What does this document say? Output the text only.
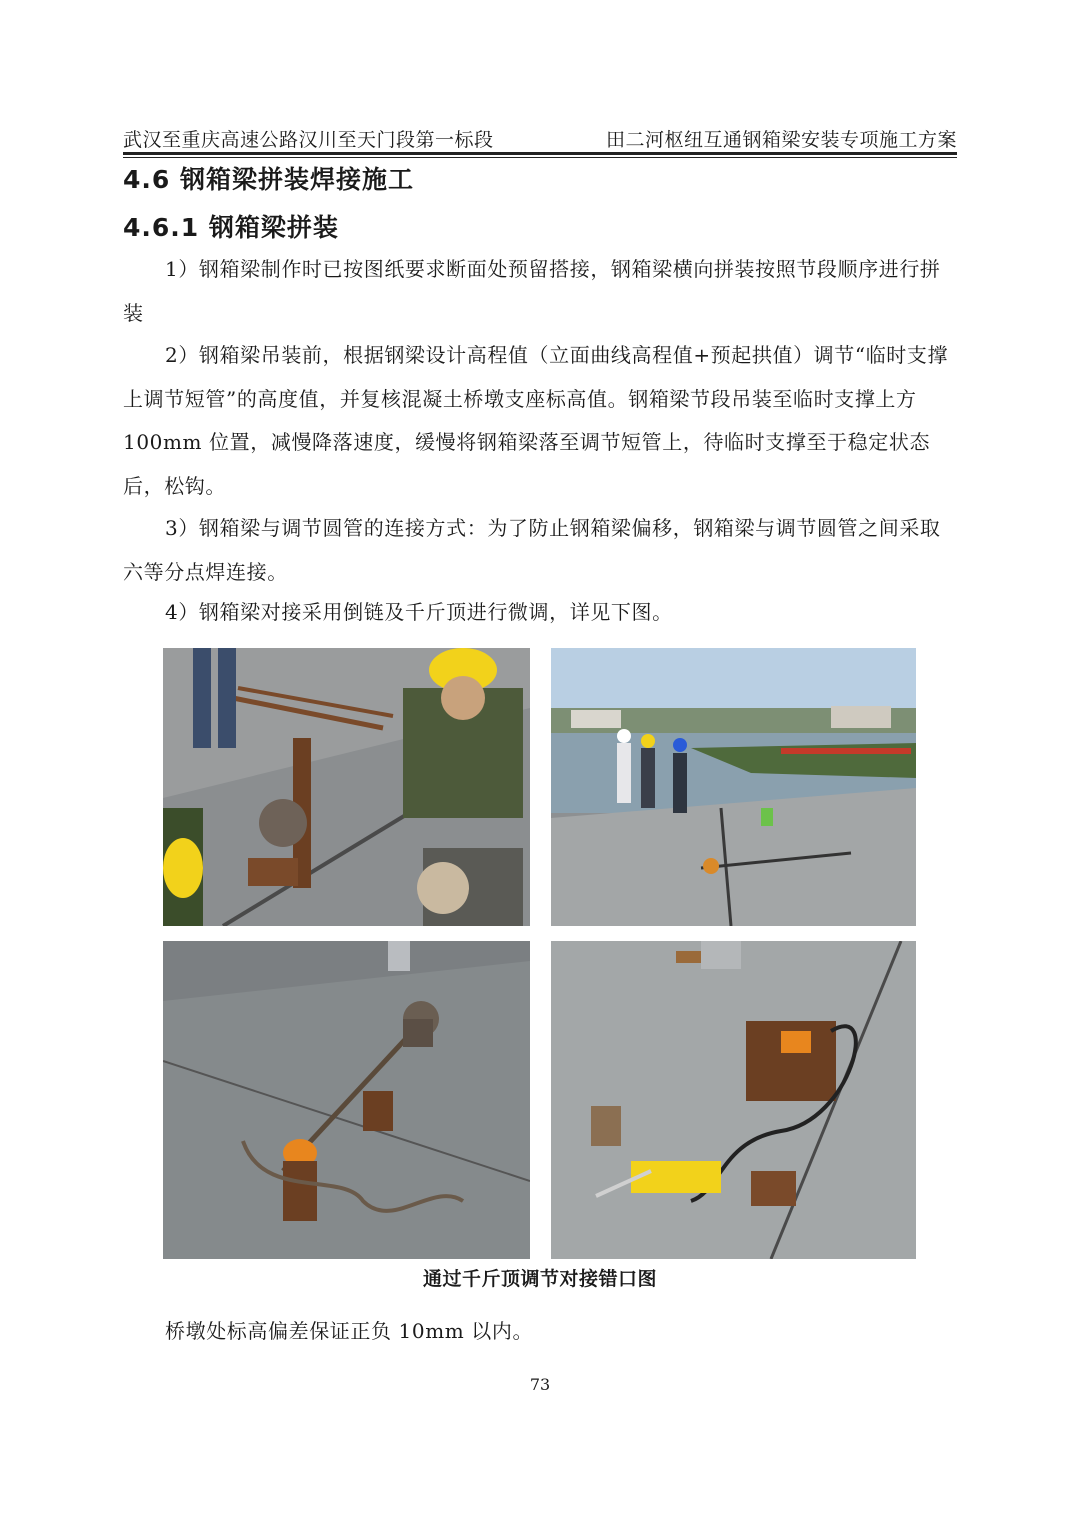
武汉至重庆高速公路汉川至天门段第一标段	田二河枢纽互通钢箱梁安装专项施工方案
4.6 钢箱梁拼装焊接施工
4.6.1 钢箱梁拼装

1）钢箱梁制作时已按图纸要求断面处预留搭接，钢箱梁横向拼装按照节段顺序进行拼装

2）钢箱梁吊装前，根据钢梁设计高程值（立面曲线高程值+预起拱值）调节“临时支撑上调节短管”的高度值，并复核混凝土桥墩支座标高值。钢箱梁节段吊装至临时支撑上方 100mm 位置，减慢降落速度，缓慢将钢箱梁落至调节短管上，待临时支撑至于稳定状态后，松钩。

3）钢箱梁与调节圆管的连接方式：为了防止钢箱梁偏移，钢箱梁与调节圆管之间采取六等分点焊连接。

4）钢箱梁对接采用倒链及千斤顶进行微调，详见下图。

通过千斤顶调节对接错口图

桥墩处标高偏差保证正负 10mm 以内。

73
